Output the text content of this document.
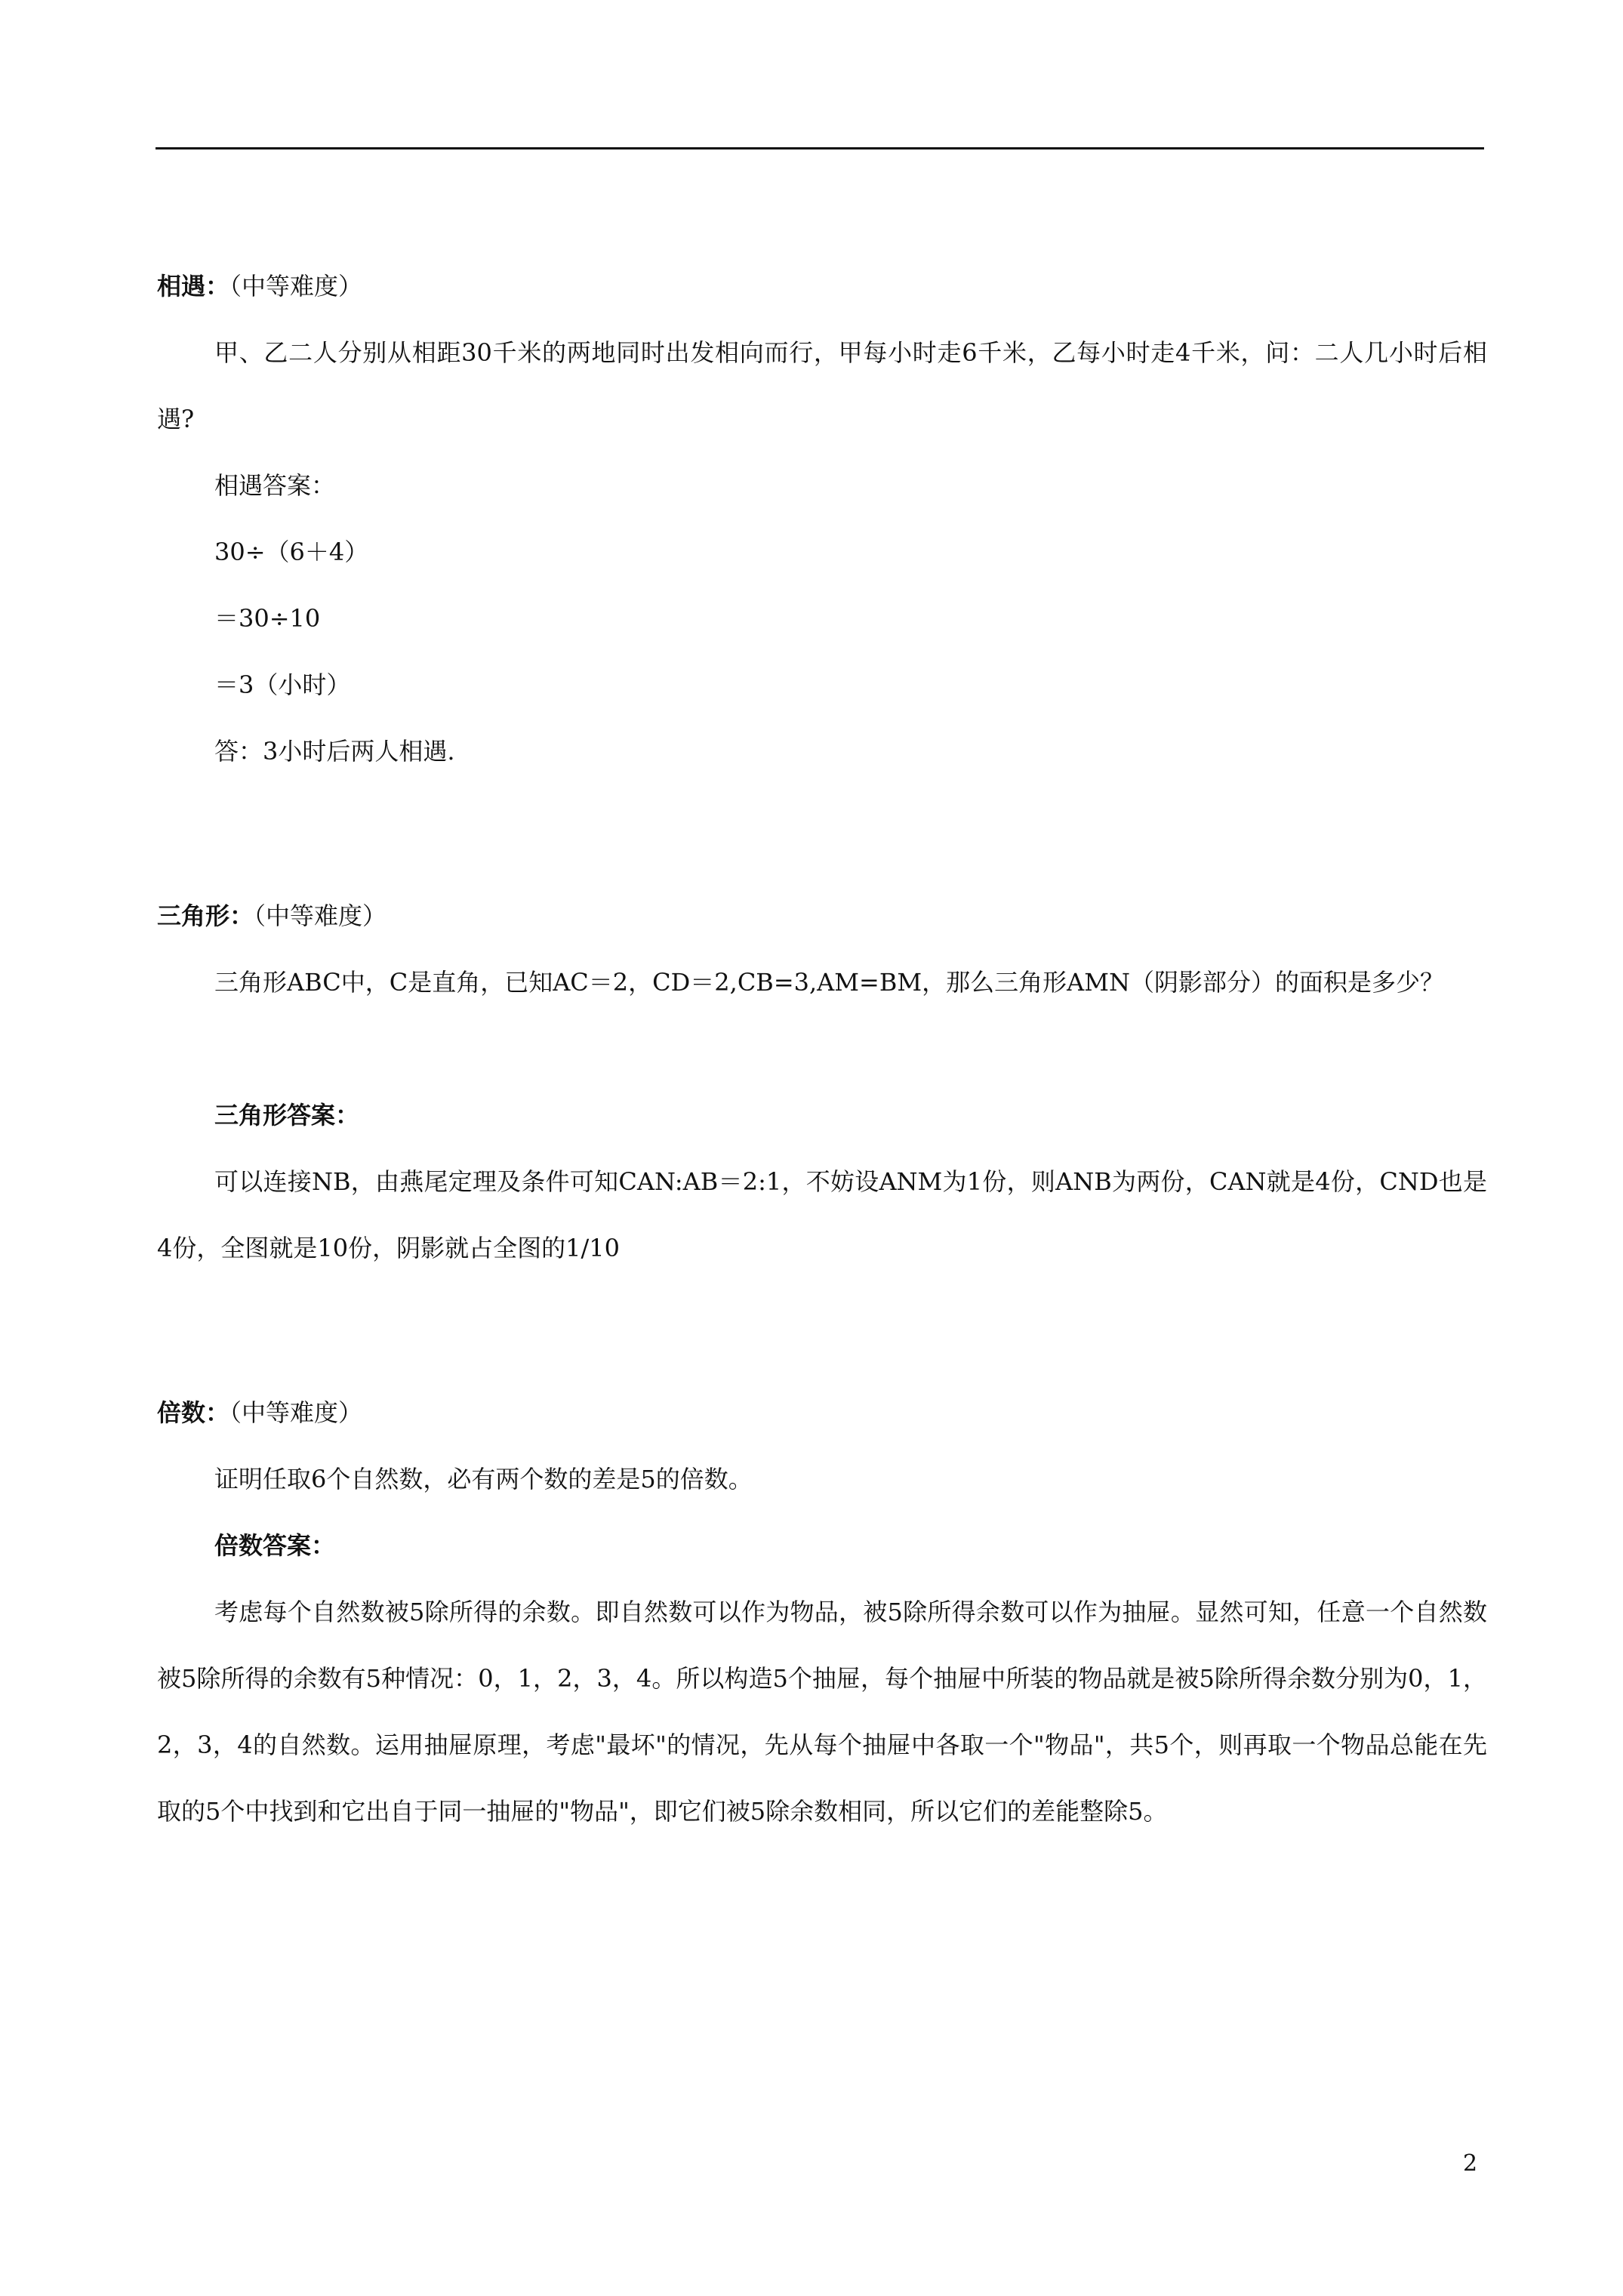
相遇：（中等难度）

甲、乙二人分别从相距30千米的两地同时出发相向而行，甲每小时走6千米，乙每小时走4千米，问：二人几小时后相遇?

相遇答案：

30÷（6＋4）

＝30÷10

＝3（小时）

答：3小时后两人相遇.

三角形：（中等难度）

三角形ABC中，C是直角，已知AC＝2，CD＝2,CB=3,AM=BM，那么三角形AMN（阴影部分）的面积是多少？

三角形答案：

可以连接NB，由燕尾定理及条件可知CAN:AB＝2:1，不妨设ANM为1份，则ANB为两份，CAN就是4份，CND也是4份，全图就是10份，阴影就占全图的1/10

倍数：（中等难度）

证明任取6个自然数，必有两个数的差是5的倍数。

倍数答案：

考虑每个自然数被5除所得的余数。即自然数可以作为物品，被5除所得余数可以作为抽屉。显然可知，任意一个自然数被5除所得的余数有5种情况：0，1，2，3，4。所以构造5个抽屉，每个抽屉中所装的物品就是被5除所得余数分别为0，1，2，3，4的自然数。运用抽屉原理，考虑"最坏"的情况，先从每个抽屉中各取一个"物品"，共5个，则再取一个物品总能在先取的5个中找到和它出自于同一抽屉的"物品"，即它们被5除余数相同，所以它们的差能整除5。

2
